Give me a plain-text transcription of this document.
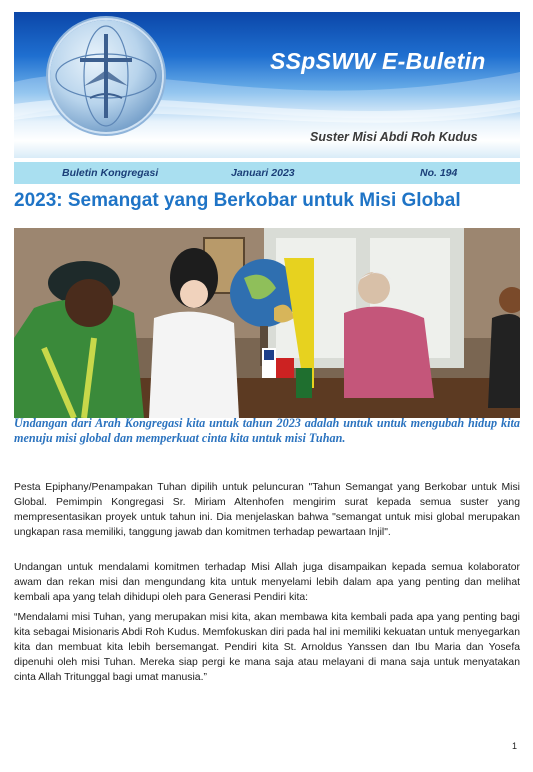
SSpSWW E-Buletin
Suster Misi Abdi Roh Kudus
Buletin Kongregasi	Januari 2023	No. 194
2023: Semangat yang Berkobar untuk Misi Global
Undangan dari Arah Kongregasi kita untuk tahun 2023 adalah untuk untuk mengubah hidup kita menuju misi global dan memperkuat cinta kita untuk misi Tuhan.

Pesta Epiphany/Penampakan Tuhan dipilih untuk peluncuran "Tahun Semangat yang Berkobar untuk Misi Global. Pemimpin Kongregasi Sr. Miriam Altenhofen mengirim surat kepada semua suster yang mempresentasikan proyek untuk tahun ini. Dia menjelaskan bahwa "semangat untuk misi global merupakan ungkapan rasa memiliki, tanggung jawab dan komitmen terhadap pewartaan Injil".

Undangan untuk mendalami komitmen terhadap Misi Allah juga disampaikan kepada semua kolaborator awam dan rekan misi dan mengundang kita untuk menyelami lebih dalam apa yang penting dan melihat kembali apa yang telah dihidupi oleh para Generasi Pendiri kita:

“Mendalami misi Tuhan, yang merupakan misi kita, akan membawa kita kembali pada apa yang penting bagi kita sebagai Misionaris Abdi Roh Kudus. Memfokuskan diri pada hal ini memiliki kekuatan untuk menyegarkan kita dan membuat kita lebih bersemangat. Pendiri kita St. Arnoldus Yanssen dan Ibu Maria dan Yosefa dipenuhi oleh misi Tuhan. Mereka siap pergi ke mana saja atau melayani di mana saja untuk menyatakan cinta Allah Tritunggal bagi umat manusia.”

1
